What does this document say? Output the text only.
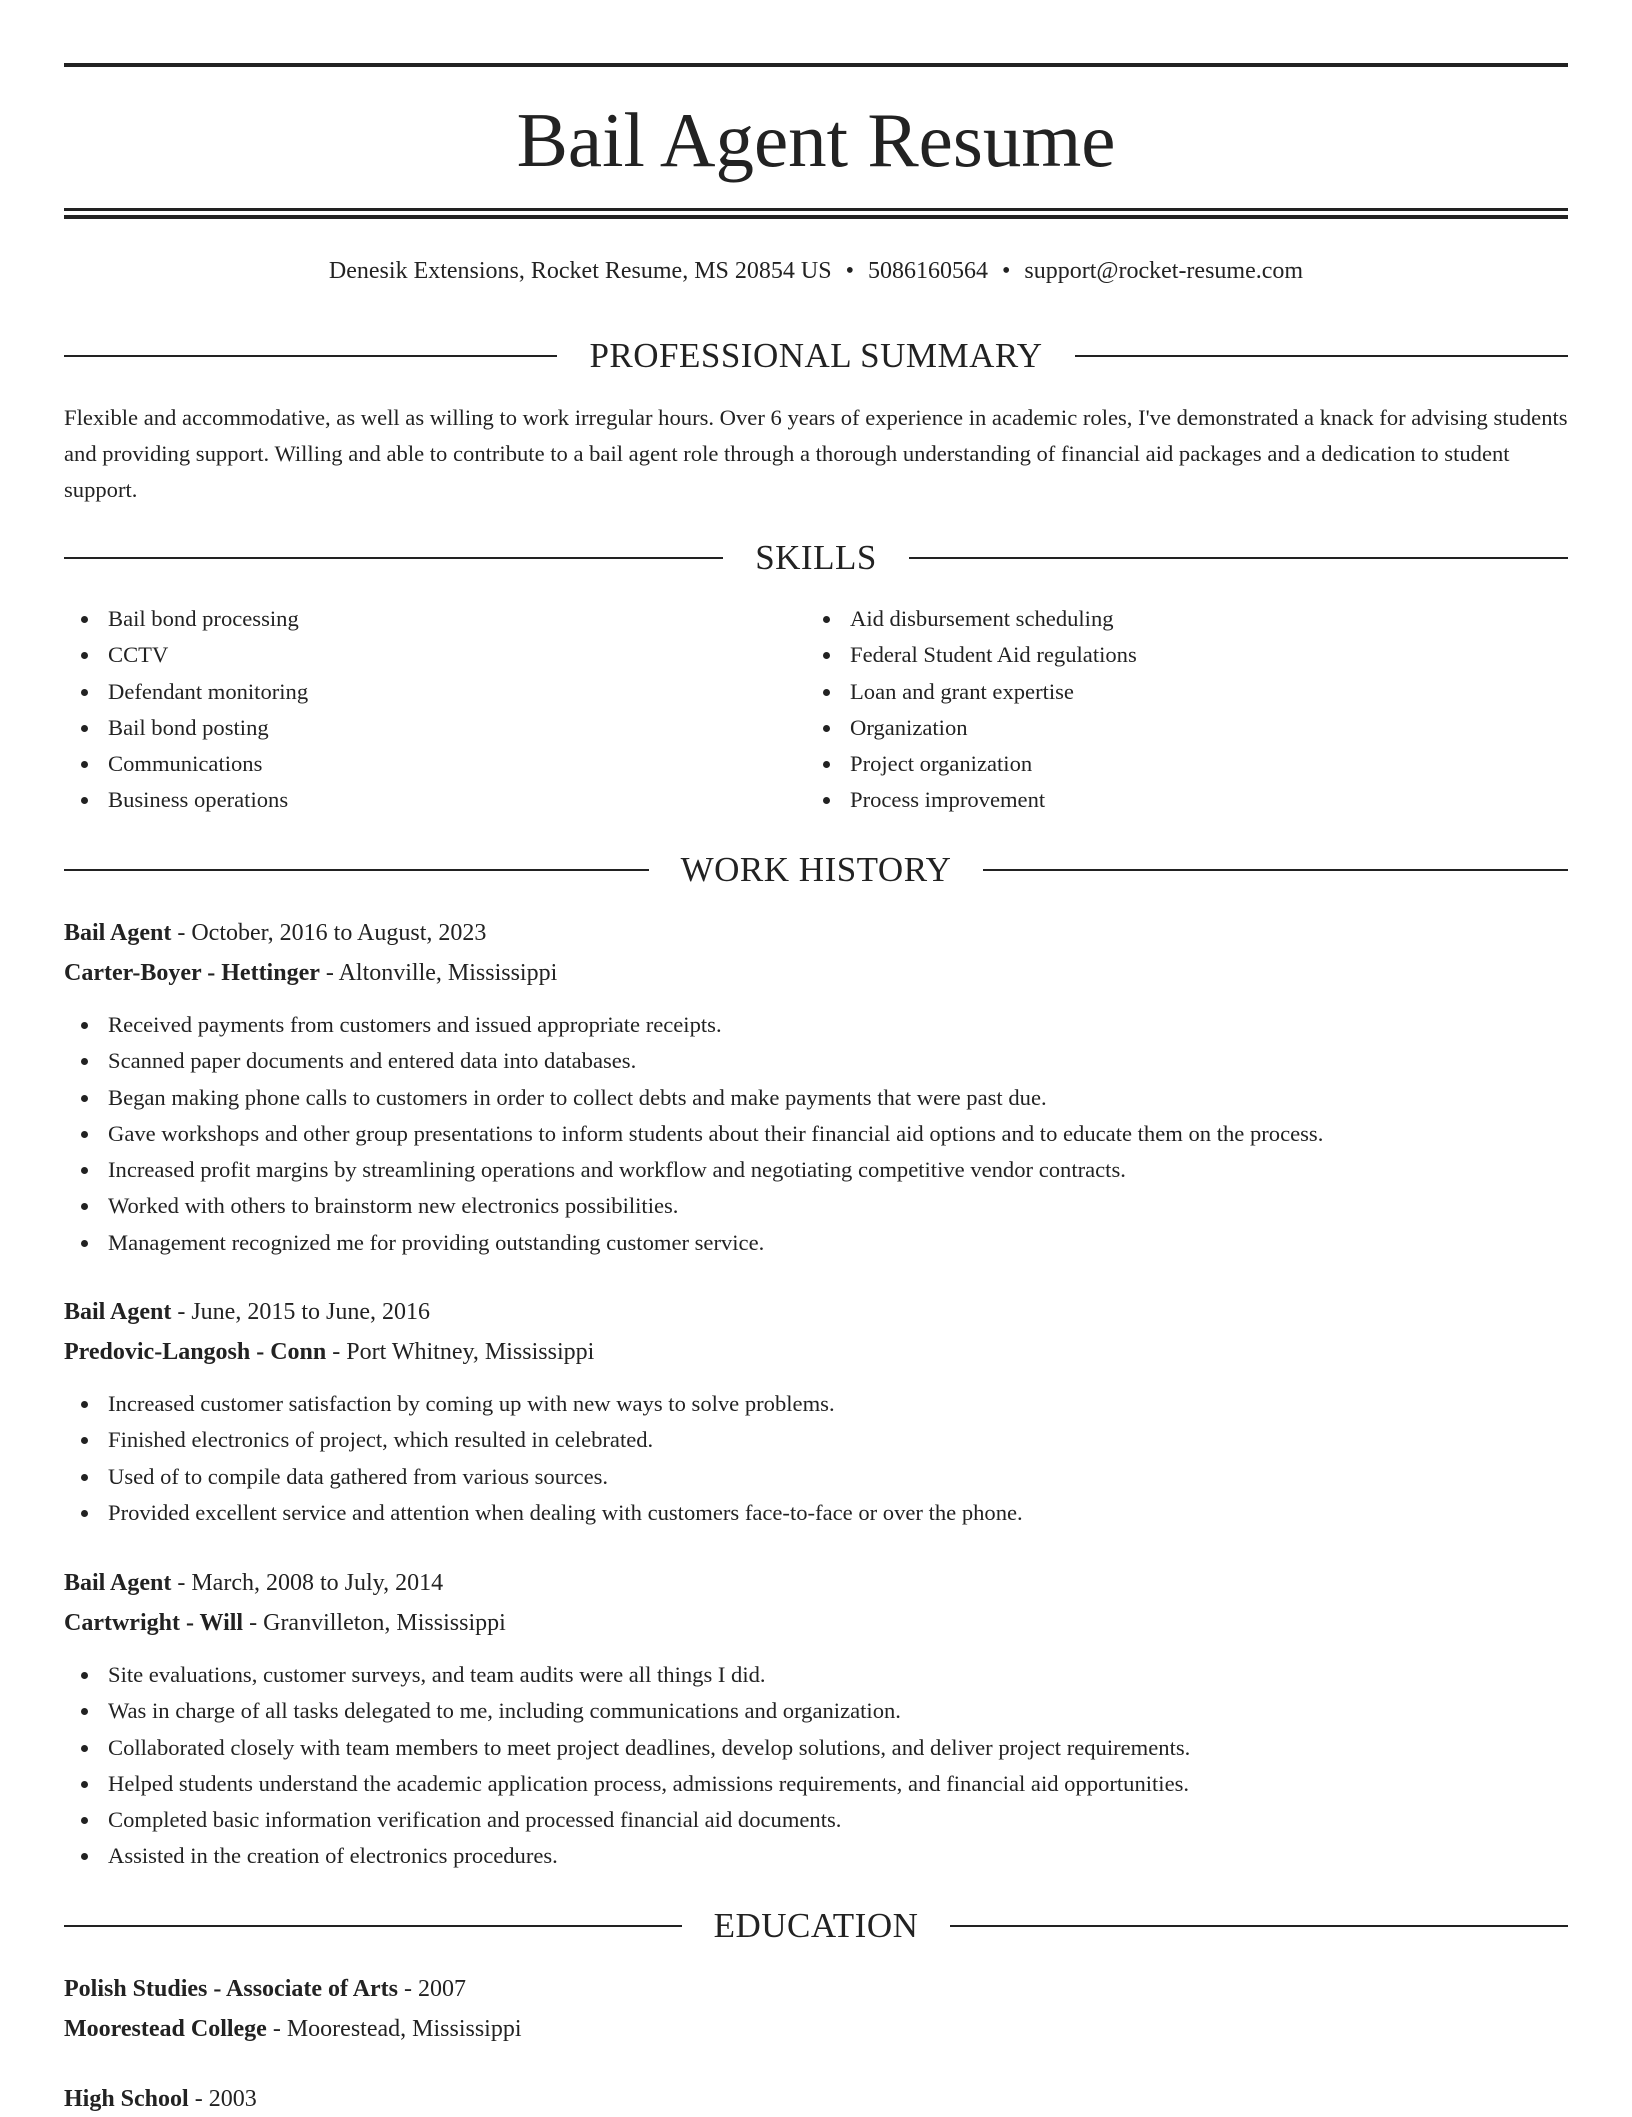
Bail Agent Resume
Denesik Extensions, Rocket Resume, MS 20854 US • 5086160564 • support@rocket-resume.com
PROFESSIONAL SUMMARY

Flexible and accommodative, as well as willing to work irregular hours. Over 6 years of experience in academic roles, I've demonstrated a knack for advising students and providing support. Willing and able to contribute to a bail agent role through a thorough understanding of financial aid packages and a dedication to student support.

SKILLS
Bail bond processing
CCTV
Defendant monitoring
Bail bond posting
Communications
Business operations
Aid disbursement scheduling
Federal Student Aid regulations
Loan and grant expertise
Organization
Project organization
Process improvement
WORK HISTORY
Bail Agent - October, 2016 to August, 2023
Carter-Boyer - Hettinger - Altonville, Mississippi
Received payments from customers and issued appropriate receipts.
Scanned paper documents and entered data into databases.
Began making phone calls to customers in order to collect debts and make payments that were past due.
Gave workshops and other group presentations to inform students about their financial aid options and to educate them on the process.
Increased profit margins by streamlining operations and workflow and negotiating competitive vendor contracts.
Worked with others to brainstorm new electronics possibilities.
Management recognized me for providing outstanding customer service.
Bail Agent - June, 2015 to June, 2016
Predovic-Langosh - Conn - Port Whitney, Mississippi
Increased customer satisfaction by coming up with new ways to solve problems.
Finished electronics of project, which resulted in celebrated.
Used of to compile data gathered from various sources.
Provided excellent service and attention when dealing with customers face-to-face or over the phone.
Bail Agent - March, 2008 to July, 2014
Cartwright - Will - Granvilleton, Mississippi
Site evaluations, customer surveys, and team audits were all things I did.
Was in charge of all tasks delegated to me, including communications and organization.
Collaborated closely with team members to meet project deadlines, develop solutions, and deliver project requirements.
Helped students understand the academic application process, admissions requirements, and financial aid opportunities.
Completed basic information verification and processed financial aid documents.
Assisted in the creation of electronics procedures.
EDUCATION
Polish Studies - Associate of Arts - 2007
Moorestead College - Moorestead, Mississippi
High School - 2003
